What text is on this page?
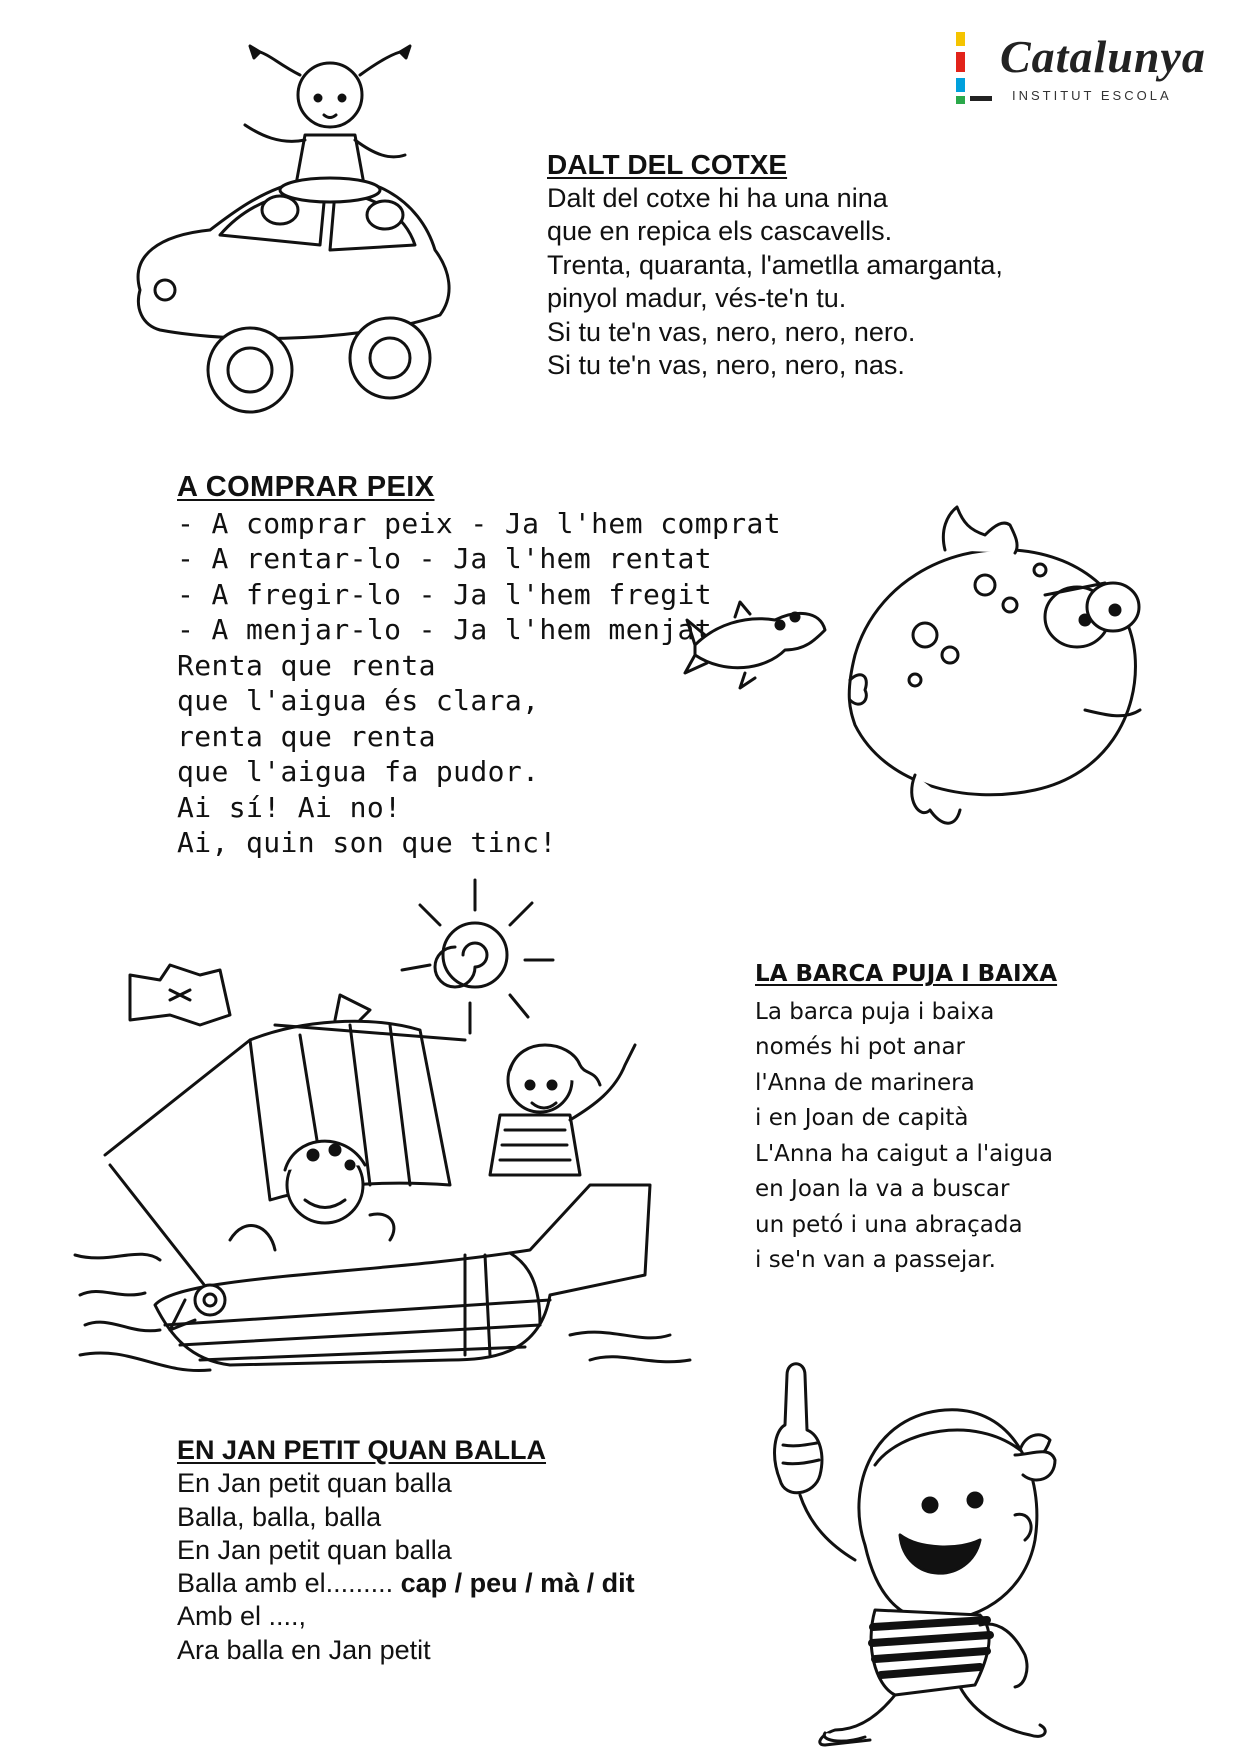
Catalunya
INSTITUT ESCOLA
DALT DEL COTXE
Dalt del cotxe hi ha una nina
que en repica els cascavells.
Trenta, quaranta, l'ametlla amarganta,
pinyol madur, vés-te'n tu.
Si tu te'n vas, nero, nero, nero.
Si tu te'n vas, nero, nero, nas.
A COMPRAR PEIX
- A comprar peix - Ja l'hem comprat
- A rentar-lo - Ja l'hem rentat
- A fregir-lo - Ja l'hem fregit
- A menjar-lo - Ja l'hem menjat
Renta que renta
que l'aigua és clara,
renta que renta
que l'aigua fa pudor.
Ai sí! Ai no!
Ai, quin son que tinc!
LA BARCA PUJA I BAIXA
La barca puja i baixa
només hi pot anar
l'Anna de marinera
i en Joan de capità
L'Anna ha caigut a l'aigua
en Joan la va a buscar
un petó i una abraçada
i se'n van a passejar.
EN JAN PETIT QUAN BALLA
En Jan petit quan balla
Balla, balla, balla
En Jan petit quan balla
Balla amb el......... cap / peu / mà / dit
Amb el ....,
Ara balla en Jan petit
